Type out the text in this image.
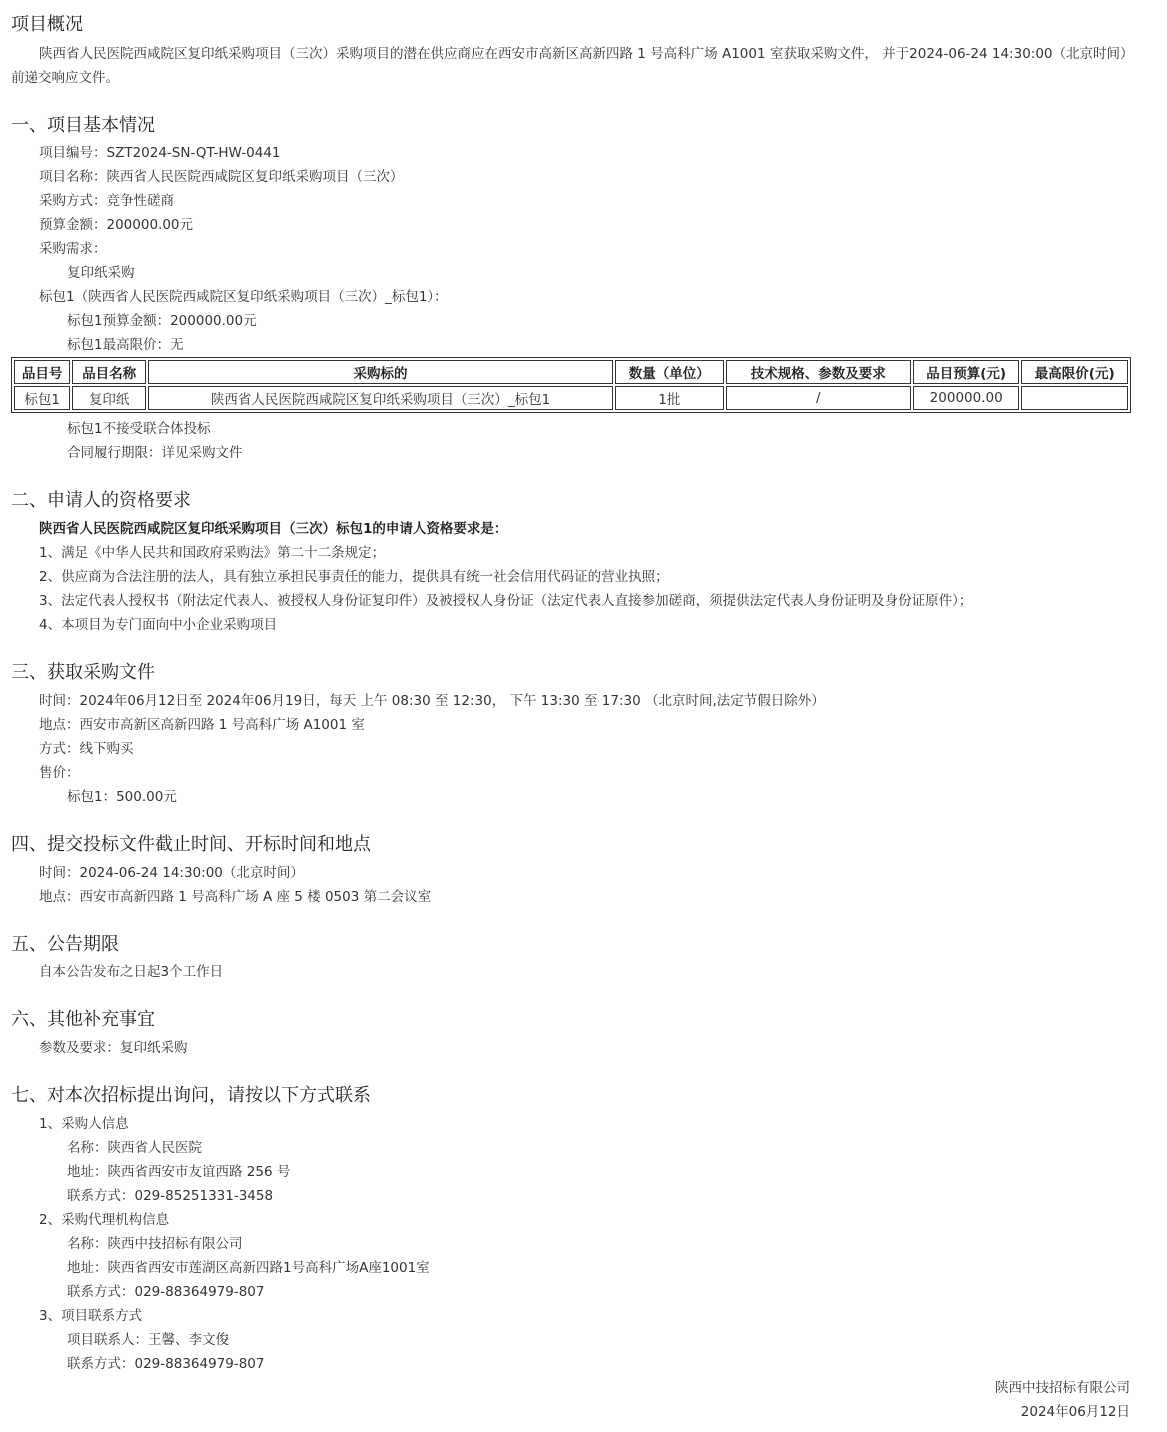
项目概况
陕西省人民医院西咸院区复印纸采购项目（三次）采购项目的潜在供应商应在西安市高新区高新四路 1 号高科广场 A1001 室获取采购文件， 并于2024-06-24 14:30:00（北京时间）前递交响应文件。
一、项目基本情况
项目编号：SZT2024-SN-QT-HW-0441
项目名称：陕西省人民医院西咸院区复印纸采购项目（三次）
采购方式：竞争性磋商
预算金额：200000.00元
采购需求：
复印纸采购
标包1（陕西省人民医院西咸院区复印纸采购项目（三次）_标包1）：
标包1预算金额：200000.00元
标包1最高限价：无
品目号	品目名称	采购标的	数量（单位）	技术规格、参数及要求	品目预算(元)	最高限价(元)
标包1	复印纸	陕西省人民医院西咸院区复印纸采购项目（三次）_标包1	1批	/	200000.00	
标包1不接受联合体投标
合同履行期限：详见采购文件
二、申请人的资格要求
陕西省人民医院西咸院区复印纸采购项目（三次）标包1的申请人资格要求是：
1、满足《中华人民共和国政府采购法》第二十二条规定；
2、供应商为合法注册的法人，具有独立承担民事责任的能力，提供具有统一社会信用代码证的营业执照；
3、法定代表人授权书（附法定代表人、被授权人身份证复印件）及被授权人身份证（法定代表人直接参加磋商，须提供法定代表人身份证明及身份证原件）；
4、本项目为专门面向中小企业采购项目
三、获取采购文件
时间：2024年06月12日至 2024年06月19日，每天 上午 08:30 至 12:30， 下午 13:30 至 17:30 （北京时间,法定节假日除外）
地点：西安市高新区高新四路 1 号高科广场 A1001 室
方式：线下购买
售价：
标包1：500.00元
四、提交投标文件截止时间、开标时间和地点
时间：2024-06-24 14:30:00（北京时间）
地点：西安市高新四路 1 号高科广场 A 座 5 楼 0503 第二会议室
五、公告期限
自本公告发布之日起3个工作日
六、其他补充事宜
参数及要求：复印纸采购
七、对本次招标提出询问，请按以下方式联系
1、采购人信息
名称：陕西省人民医院
地址：陕西省西安市友谊西路 256 号
联系方式：029-85251331-3458
2、采购代理机构信息
名称：陕西中技招标有限公司
地址：陕西省西安市莲湖区高新四路1号高科广场A座1001室
联系方式：029-88364979-807
3、项目联系方式
项目联系人：王馨、李文俊
联系方式：029-88364979-807
陕西中技招标有限公司
2024年06月12日
